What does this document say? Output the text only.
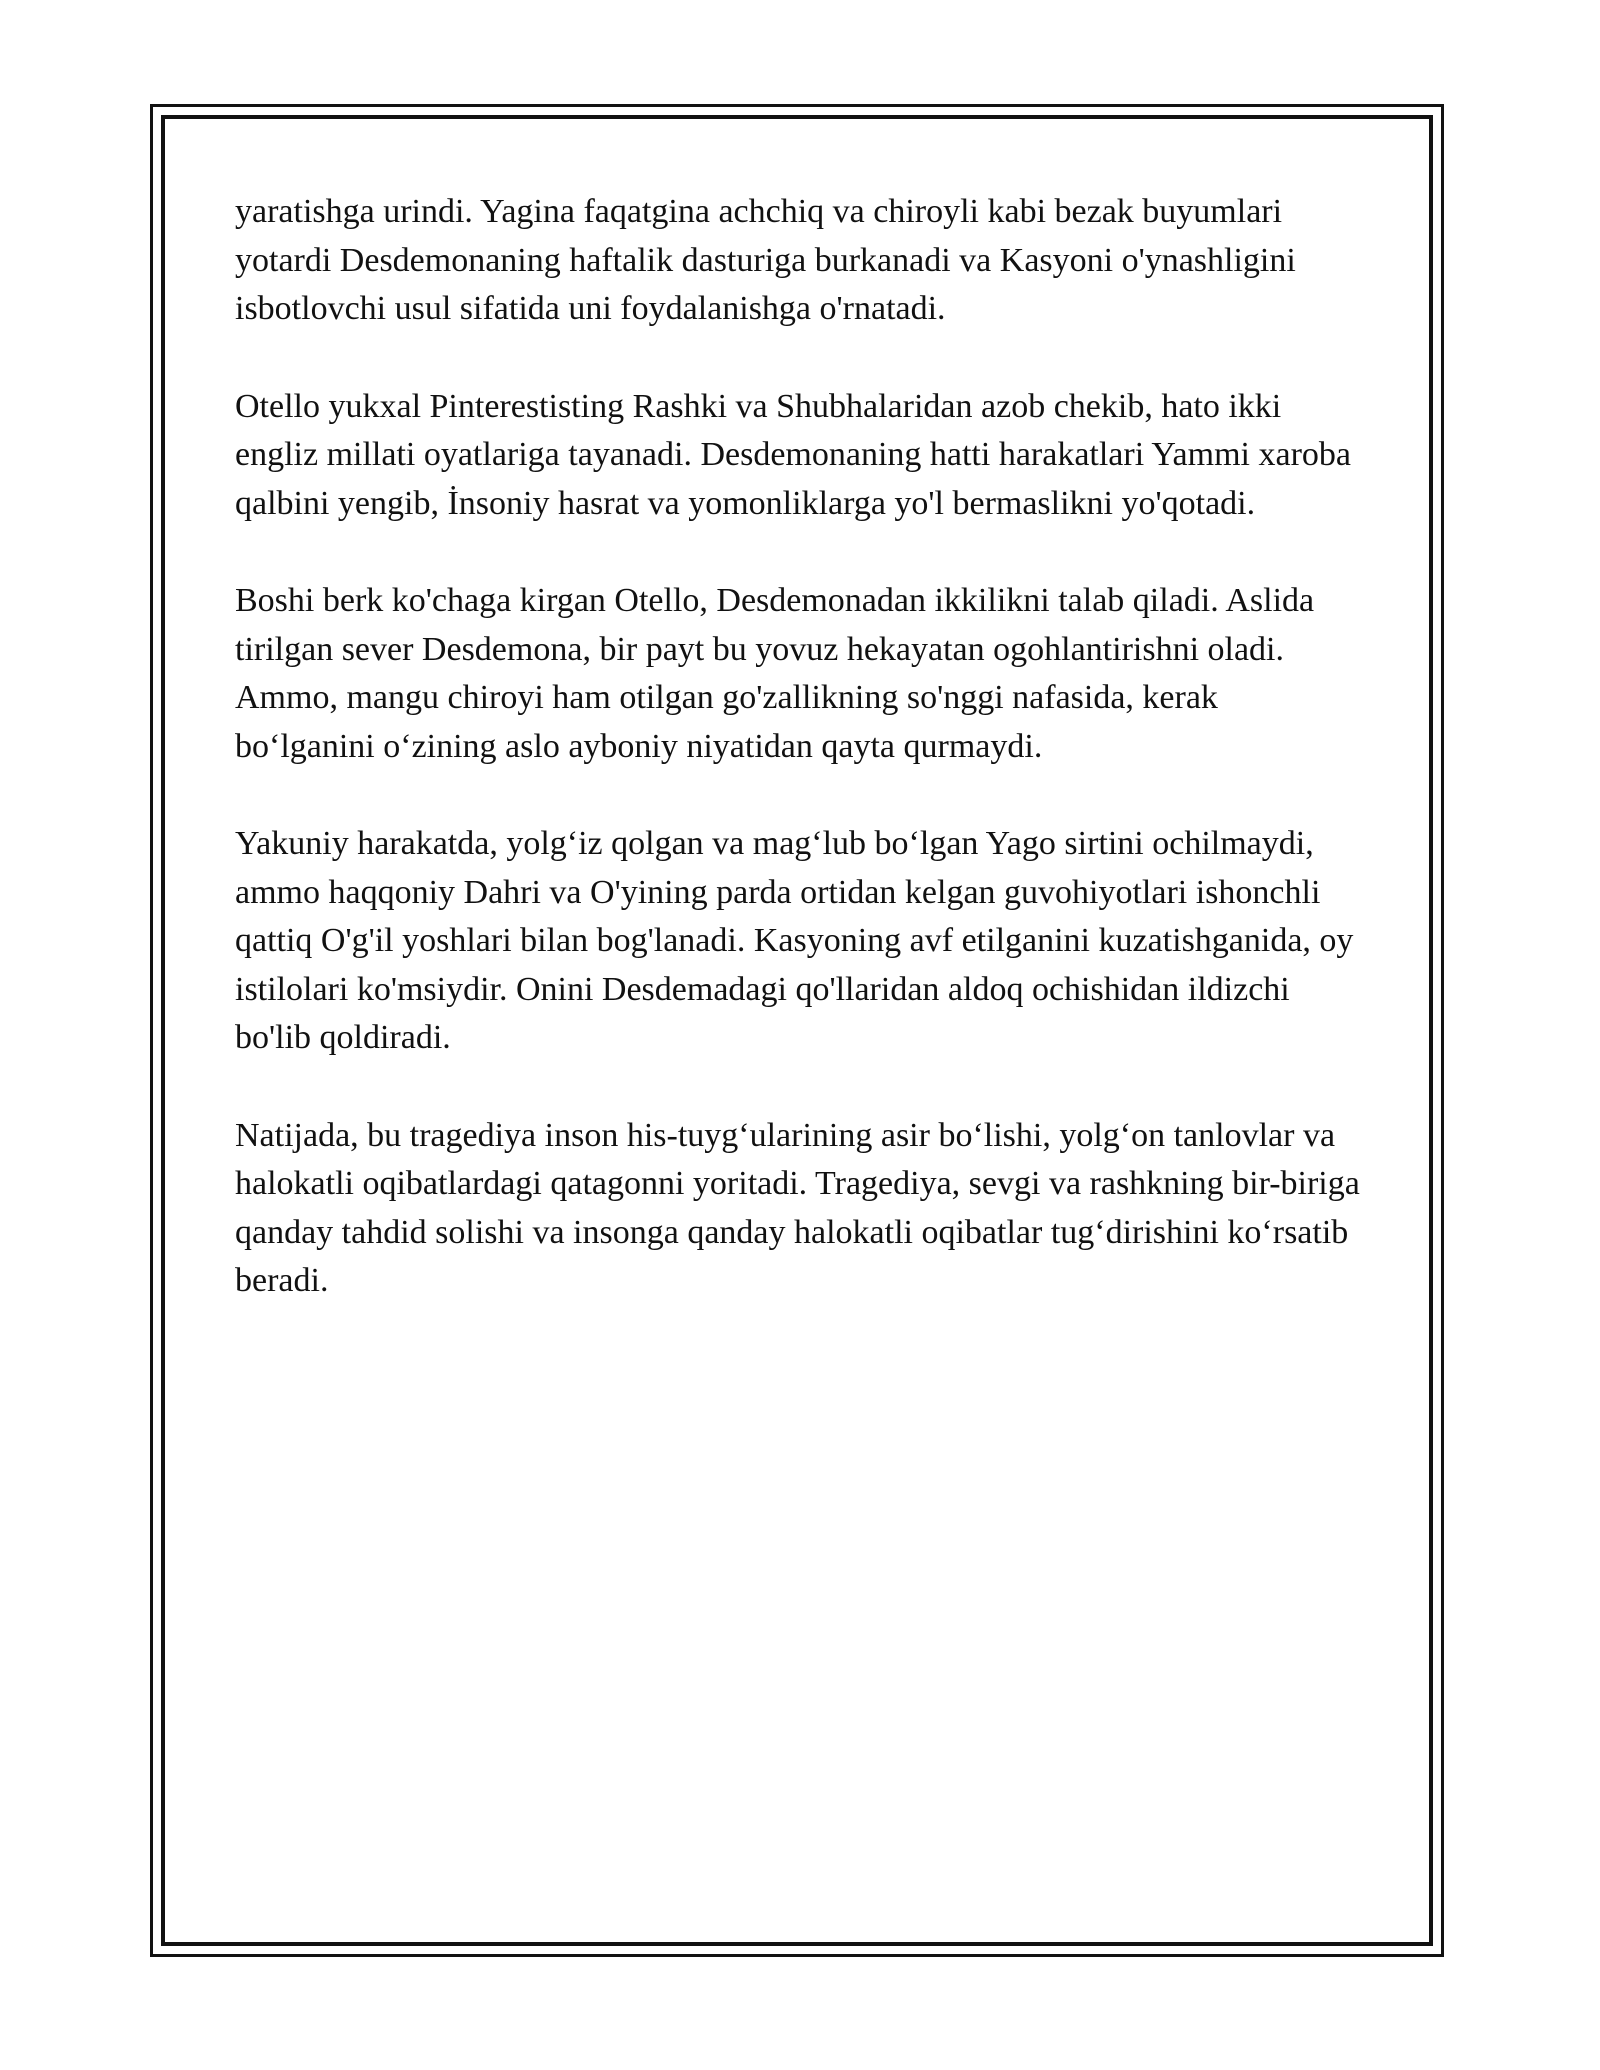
yaratishga urindi. Yagina faqatgina achchiq va chiroyli kabi bezak buyumlari yotardi Desdemonaning haftalik dasturiga burkanadi va Kasyoni o'ynashligini isbotlovchi usul sifatida uni foydalanishga o'rnatadi.

Otello yukxal Pinterestisting Rashki va Shubhalaridan azob chekib, hato ikki engliz millati oyatlariga tayanadi. Desdemonaning hatti harakatlari Yammi xaroba qalbini yengib, İnsoniy hasrat va yomonliklarga yo'l bermaslikni yo'qotadi.

Boshi berk ko'chaga kirgan Otello, Desdemonadan ikkilikni talab qiladi. Aslida tirilgan sever Desdemona, bir payt bu yovuz hekayatan ogohlantirishni oladi. Ammo, mangu chiroyi ham otilgan go'zallikning so'nggi nafasida, kerak bo‘lganini o‘zining aslo ayboniy niyatidan qayta qurmaydi.

Yakuniy harakatda, yolg‘iz qolgan va mag‘lub bo‘lgan Yago sirtini ochilmaydi, ammo haqqoniy Dahri va O'yining parda ortidan kelgan guvohiyotlari ishonchli qattiq O'g'il yoshlari bilan bog'lanadi. Kasyoning avf etilganini kuzatishganida, oy istilolari ko'msiydir. Onini Desdemadagi qo'llaridan aldoq ochishidan ildizchi bo'lib qoldiradi.

Natijada, bu tragediya inson his-tuyg‘ularining asir bo‘lishi, yolg‘on tanlovlar va halokatli oqibatlardagi qatagonni yoritadi. Tragediya, sevgi va rashkning bir-biriga qanday tahdid solishi va insonga qanday halokatli oqibatlar tug‘dirishini ko‘rsatib beradi.
